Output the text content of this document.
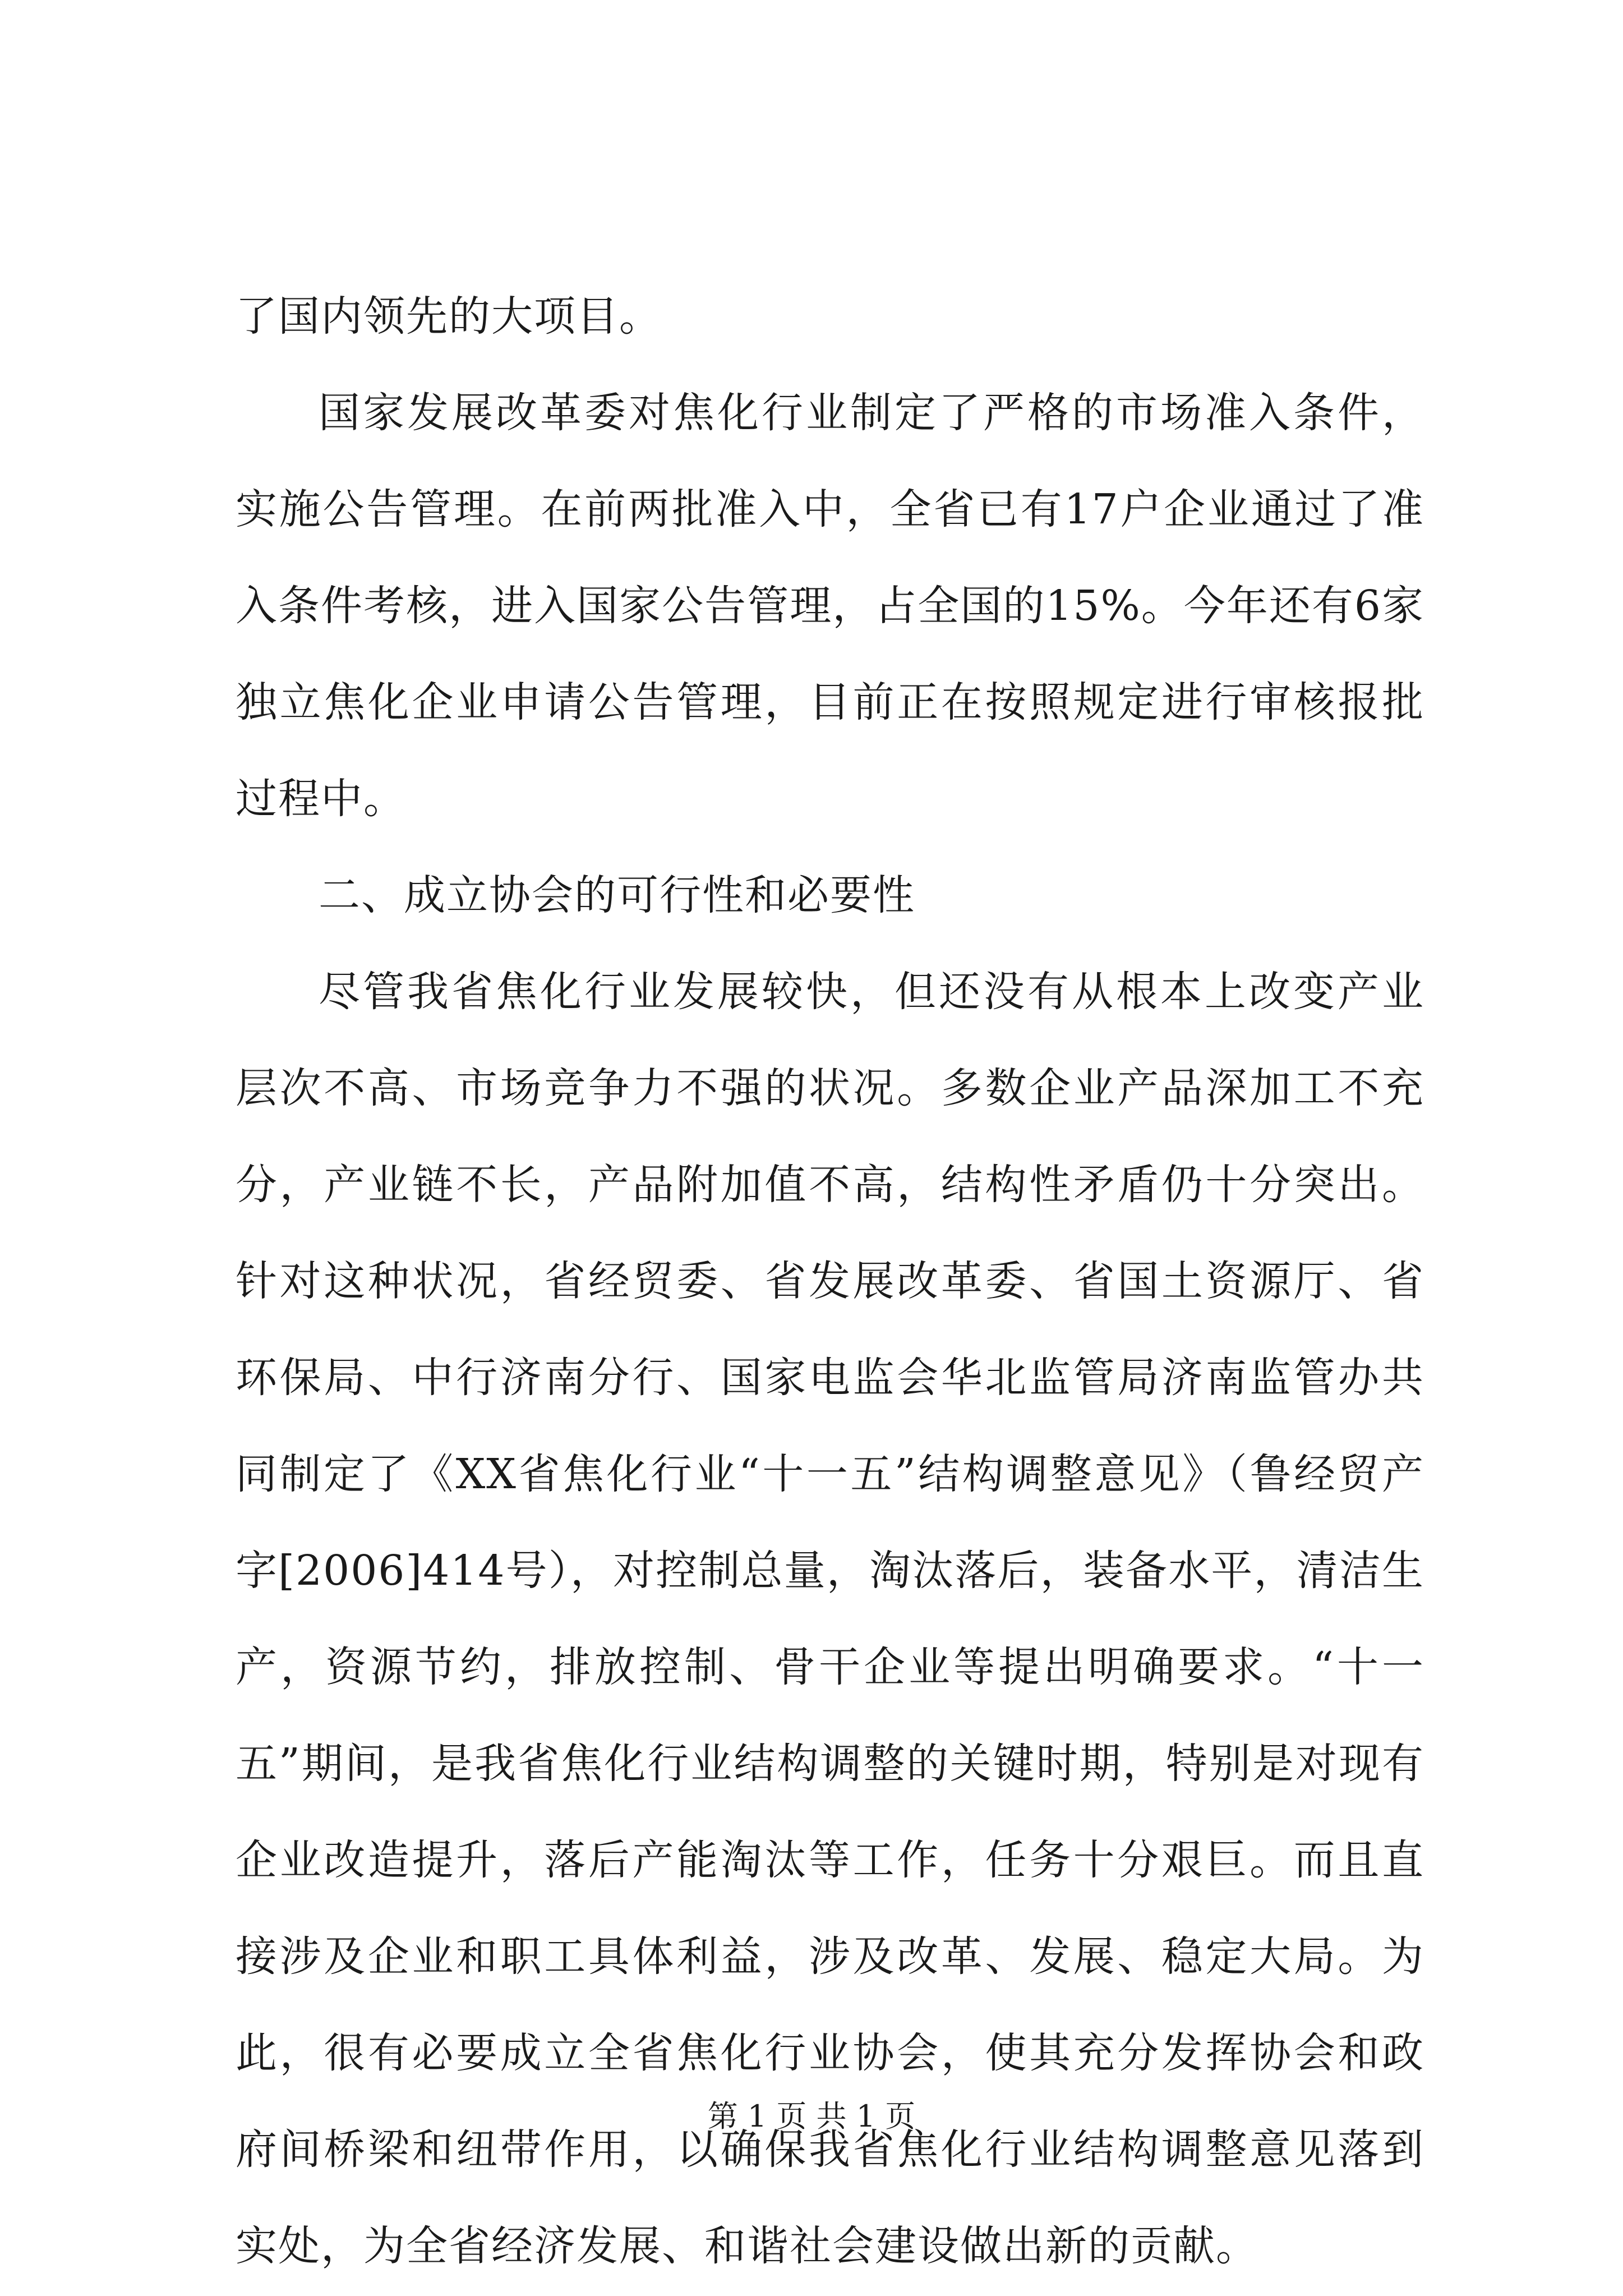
了国内领先的大项目。

国家发展改革委对焦化行业制定了严格的市场准入条件，实施公告管理。在前两批准入中，全省已有17户企业通过了准入条件考核，进入国家公告管理，占全国的15%。今年还有6家独立焦化企业申请公告管理，目前正在按照规定进行审核报批过程中。

二、成立协会的可行性和必要性

尽管我省焦化行业发展较快，但还没有从根本上改变产业层次不高、市场竞争力不强的状况。多数企业产品深加工不充分，产业链不长，产品附加值不高，结构性矛盾仍十分突出。针对这种状况，省经贸委、省发展改革委、省国土资源厅、省环保局、中行济南分行、国家电监会华北监管局济南监管办共同制定了《XX省焦化行业“十一五”结构调整意见》（鲁经贸产字[2006]414号），对控制总量，淘汰落后，装备水平，清洁生产，资源节约，排放控制、骨干企业等提出明确要求。“十一五”期间，是我省焦化行业结构调整的关键时期，特别是对现有企业改造提升，落后产能淘汰等工作，任务十分艰巨。而且直接涉及企业和职工具体利益，涉及改革、发展、稳定大局。为此，很有必要成立全省焦化行业协会，使其充分发挥协会和政府间桥梁和纽带作用，以确保我省焦化行业结构调整意见落到实处，为全省经济发展、和谐社会建设做出新的贡献。

第 1 页 共 1 页
